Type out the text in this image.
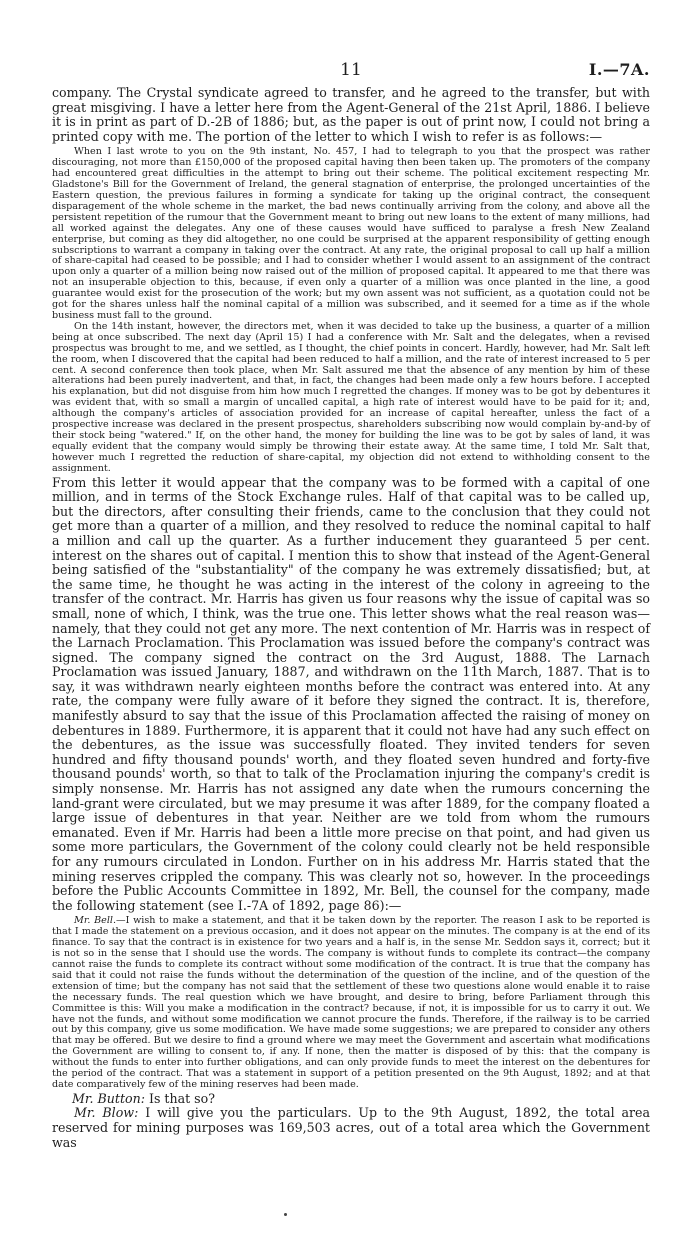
11	I.—7A.

company. The Crystal syndicate agreed to transfer, and he agreed to the transfer, but with great misgiving. I have a letter here from the Agent-General of the 21st April, 1886. I believe it is in print as part of D.-2B of 1886; but, as the paper is out of print now, I could not bring a printed copy with me. The portion of the letter to which I wish to refer is as follows:—

When I last wrote to you on the 9th instant, No. 457, I had to telegraph to you that the prospect was rather discouraging, not more than £150,000 of the proposed capital having then been taken up. The promoters of the company had encountered great difficulties in the attempt to bring out their scheme. The political excitement respecting Mr. Gladstone's Bill for the Government of Ireland, the general stagnation of enterprise, the prolonged uncertainties of the Eastern question, the previous failures in forming a syndicate for taking up the original contract, the consequent disparagement of the whole scheme in the market, the bad news continually arriving from the colony, and above all the persistent repetition of the rumour that the Government meant to bring out new loans to the extent of many millions, had all worked against the delegates. Any one of these causes would have sufficed to paralyse a fresh New Zealand enterprise, but coming as they did altogether, no one could be surprised at the apparent responsibility of getting enough subscriptions to warrant a company in taking over the contract. At any rate, the original proposal to call up half a million of share-capital had ceased to be possible; and I had to consider whether I would assent to an assignment of the contract upon only a quarter of a million being now raised out of the million of proposed capital. It appeared to me that there was not an insuperable objection to this, because, if even only a quarter of a million was once planted in the line, a good guarantee would exist for the prosecution of the work; but my own assent was not sufficient, as a quotation could not be got for the shares unless half the nominal capital of a million was subscribed, and it seemed for a time as if the whole business must fall to the ground.

On the 14th instant, however, the directors met, when it was decided to take up the business, a quarter of a million being at once subscribed. The next day (April 15) I had a conference with Mr. Salt and the delegates, when a revised prospectus was brought to me, and we settled, as I thought, the chief points in concert. Hardly, however, had Mr. Salt left the room, when I discovered that the capital had been reduced to half a million, and the rate of interest increased to 5 per cent. A second conference then took place, when Mr. Salt assured me that the absence of any mention by him of these alterations had been purely inadvertent, and that, in fact, the changes had been made only a few hours before. I accepted his explanation, but did not disguise from him how much I regretted the changes. If money was to be got by debentures it was evident that, with so small a margin of uncalled capital, a high rate of interest would have to be paid for it; and, although the company's articles of association provided for an increase of capital hereafter, unless the fact of a prospective increase was declared in the present prospectus, shareholders subscribing now would complain by-and-by of their stock being "watered." If, on the other hand, the money for building the line was to be got by sales of land, it was equally evident that the company would simply be throwing their estate away. At the same time, I told Mr. Salt that, however much I regretted the reduction of share-capital, my objection did not extend to withholding consent to the assignment.

From this letter it would appear that the company was to be formed with a capital of one million, and in terms of the Stock Exchange rules. Half of that capital was to be called up, but the directors, after consulting their friends, came to the conclusion that they could not get more than a quarter of a million, and they resolved to reduce the nominal capital to half a million and call up the quarter. As a further inducement they guaranteed 5 per cent. interest on the shares out of capital. I mention this to show that instead of the Agent-General being satisfied of the "substantiality" of the company he was extremely dissatisfied; but, at the same time, he thought he was acting in the interest of the colony in agreeing to the transfer of the contract. Mr. Harris has given us four reasons why the issue of capital was so small, none of which, I think, was the true one. This letter shows what the real reason was—namely, that they could not get any more. The next contention of Mr. Harris was in respect of the Larnach Proclamation. This Proclamation was issued before the company's contract was signed. The company signed the contract on the 3rd August, 1888. The Larnach Proclamation was issued January, 1887, and withdrawn on the 11th March, 1887. That is to say, it was withdrawn nearly eighteen months before the contract was entered into. At any rate, the company were fully aware of it before they signed the contract. It is, therefore, manifestly absurd to say that the issue of this Proclamation affected the raising of money on debentures in 1889. Furthermore, it is apparent that it could not have had any such effect on the debentures, as the issue was successfully floated. They invited tenders for seven hundred and fifty thousand pounds' worth, and they floated seven hundred and forty-five thousand pounds' worth, so that to talk of the Proclamation injuring the company's credit is simply nonsense. Mr. Harris has not assigned any date when the rumours concerning the land-grant were circulated, but we may presume it was after 1889, for the company floated a large issue of debentures in that year. Neither are we told from whom the rumours emanated. Even if Mr. Harris had been a little more precise on that point, and had given us some more particulars, the Government of the colony could clearly not be held responsible for any rumours circulated in London. Further on in his address Mr. Harris stated that the mining reserves crippled the company. This was clearly not so, however. In the proceedings before the Public Accounts Committee in 1892, Mr. Bell, the counsel for the company, made the following statement (see I.-7A of 1892, page 86):—

Mr. Bell.—I wish to make a statement, and that it be taken down by the reporter. The reason I ask to be reported is that I made the statement on a previous occasion, and it does not appear on the minutes. The company is at the end of its finance. To say that the contract is in existence for two years and a half is, in the sense Mr. Seddon says it, correct; but it is not so in the sense that I should use the words. The company is without funds to complete its contract—the company cannot raise the funds to complete its contract without some modification of the contract. It is true that the company has said that it could not raise the funds without the determination of the question of the incline, and of the question of the extension of time; but the company has not said that the settlement of these two questions alone would enable it to raise the necessary funds. The real question which we have brought, and desire to bring, before Parliament through this Committee is this: Will you make a modification in the contract? because, if not, it is impossible for us to carry it out. We have not the funds, and without some modification we cannot procure the funds. Therefore, if the railway is to be carried out by this company, give us some modification. We have made some suggestions; we are prepared to consider any others that may be offered. But we desire to find a ground where we may meet the Government and ascertain what modifications the Government are willing to consent to, if any. If none, then the matter is disposed of by this: that the company is without the funds to enter into further obligations, and can only provide funds to meet the interest on the debentures for the period of the contract. That was a statement in support of a petition presented on the 9th August, 1892; and at that date comparatively few of the mining reserves had been made.

Mr. Button: Is that so?

Mr. Blow: I will give you the particulars. Up to the 9th August, 1892, the total area reserved for mining purposes was 169,503 acres, out of a total area which the Government was
